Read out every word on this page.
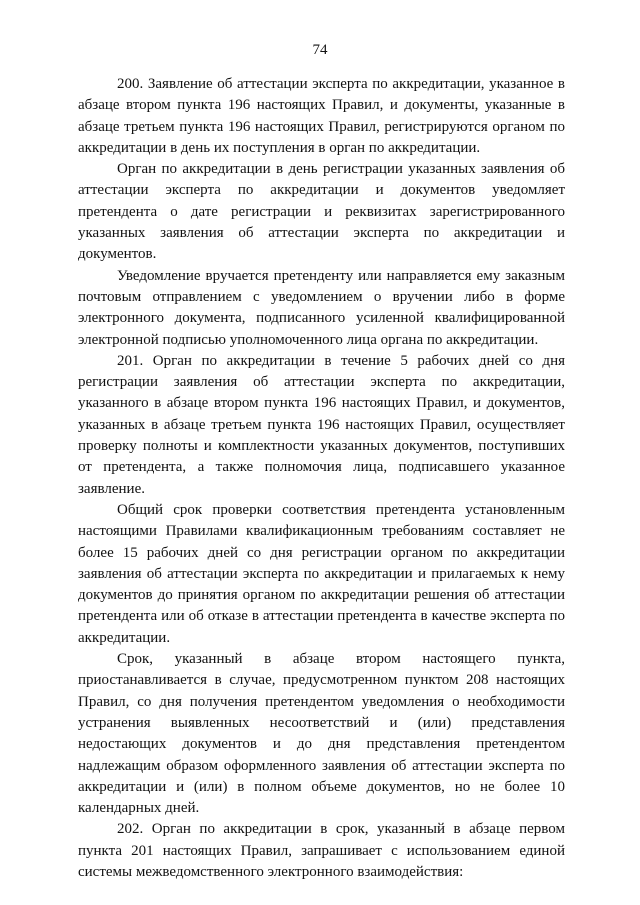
74

200. Заявление об аттестации эксперта по аккредитации, указанное в абзаце втором пункта 196 настоящих Правил, и документы, указанные в абзаце третьем пункта 196 настоящих Правил, регистрируются органом по аккредитации в день их поступления в орган по аккредитации.

Орган по аккредитации в день регистрации указанных заявления об аттестации эксперта по аккредитации и документов уведомляет претендента о дате регистрации и реквизитах зарегистрированного указанных заявления об аттестации эксперта по аккредитации и документов.

Уведомление вручается претенденту или направляется ему заказным почтовым отправлением с уведомлением о вручении либо в форме электронного документа, подписанного усиленной квалифицированной электронной подписью уполномоченного лица органа по аккредитации.

201. Орган по аккредитации в течение 5 рабочих дней со дня регистрации заявления об аттестации эксперта по аккредитации, указанного в абзаце втором пункта 196 настоящих Правил, и документов, указанных в абзаце третьем пункта 196 настоящих Правил, осуществляет проверку полноты и комплектности указанных документов, поступивших от претендента, а также полномочия лица, подписавшего указанное заявление.

Общий срок проверки соответствия претендента установленным настоящими Правилами квалификационным требованиям составляет не более 15 рабочих дней со дня регистрации органом по аккредитации заявления об аттестации эксперта по аккредитации и прилагаемых к нему документов до принятия органом по аккредитации решения об аттестации претендента или об отказе в аттестации претендента в качестве эксперта по аккредитации.

Срок, указанный в абзаце втором настоящего пункта, приостанавливается в случае, предусмотренном пунктом 208 настоящих Правил, со дня получения претендентом уведомления о необходимости устранения выявленных несоответствий и (или) представления недостающих документов и до дня представления претендентом надлежащим образом оформленного заявления об аттестации эксперта по аккредитации и (или) в полном объеме документов, но не более 10 календарных дней.

202. Орган по аккредитации в срок, указанный в абзаце первом пункта 201 настоящих Правил, запрашивает с использованием единой системы межведомственного электронного взаимодействия:
